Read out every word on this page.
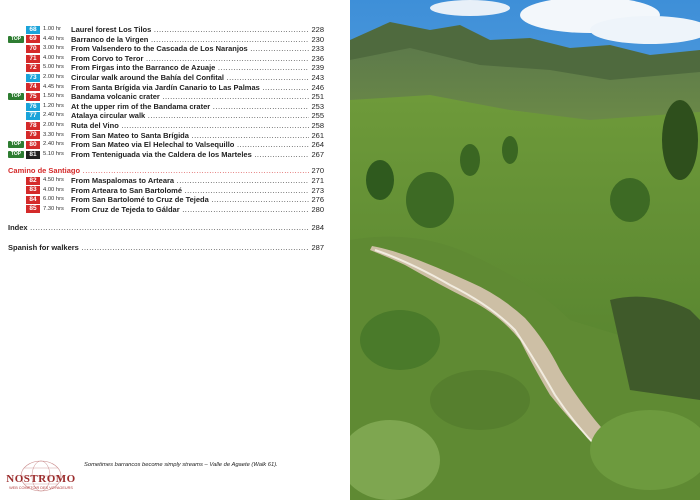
68	1.00 hr	Laurel forest Los Tilos .....	228
TOP	69	4.40 hrs Barranco de la Virgen .....	230
70	3.00 hrs From Valsendero to the Cascada de Los Naranjos .....	233
71	4.00 hrs From Corvo to Teror .....	236
72	5.00 hrs From Firgas into the Barranco de Azuaje .....	239
73	2.00 hrs Circular walk around the Bahía del Confital .....	243
74	4.45 hrs From Santa Brígida via Jardín Canario to Las Palmas .....	246
TOP	75	1.50 hrs Bandama volcanic crater .....	251
76	1.20 hrs At the upper rim of the Bandama crater .....	253
77	2.40 hrs Atalaya circular walk .....	255
78	2.00 hrs Ruta del Vino .....	258
79	3.30 hrs From San Mateo to Santa Brígida .....	261
TOP	80	2.40 hrs From San Mateo via El Helechal to Valsequillo .....	264
TOP	81	5.10 hrs From Tenteniguada via the Caldera de los Marteles .....	267
Camino de Santiago .....	270
82	4.50 hrs From Maspalomas to Arteara .....	271
83	4.00 hrs From Arteara to San Bartolomé .....	273
84	6.00 hrs From San Bartolomé to Cruz de Tejeda .....	276
85	7.30 hrs From Cruz de Tejeda to Gáldar .....	280
Index .....	284
Spanish for walkers .....	287
NOSTROMO
WEB COMPTOIR DES VOYAGEURS
Sometimes barrancos become simply streams – Valle de Agaete (Walk 61).
